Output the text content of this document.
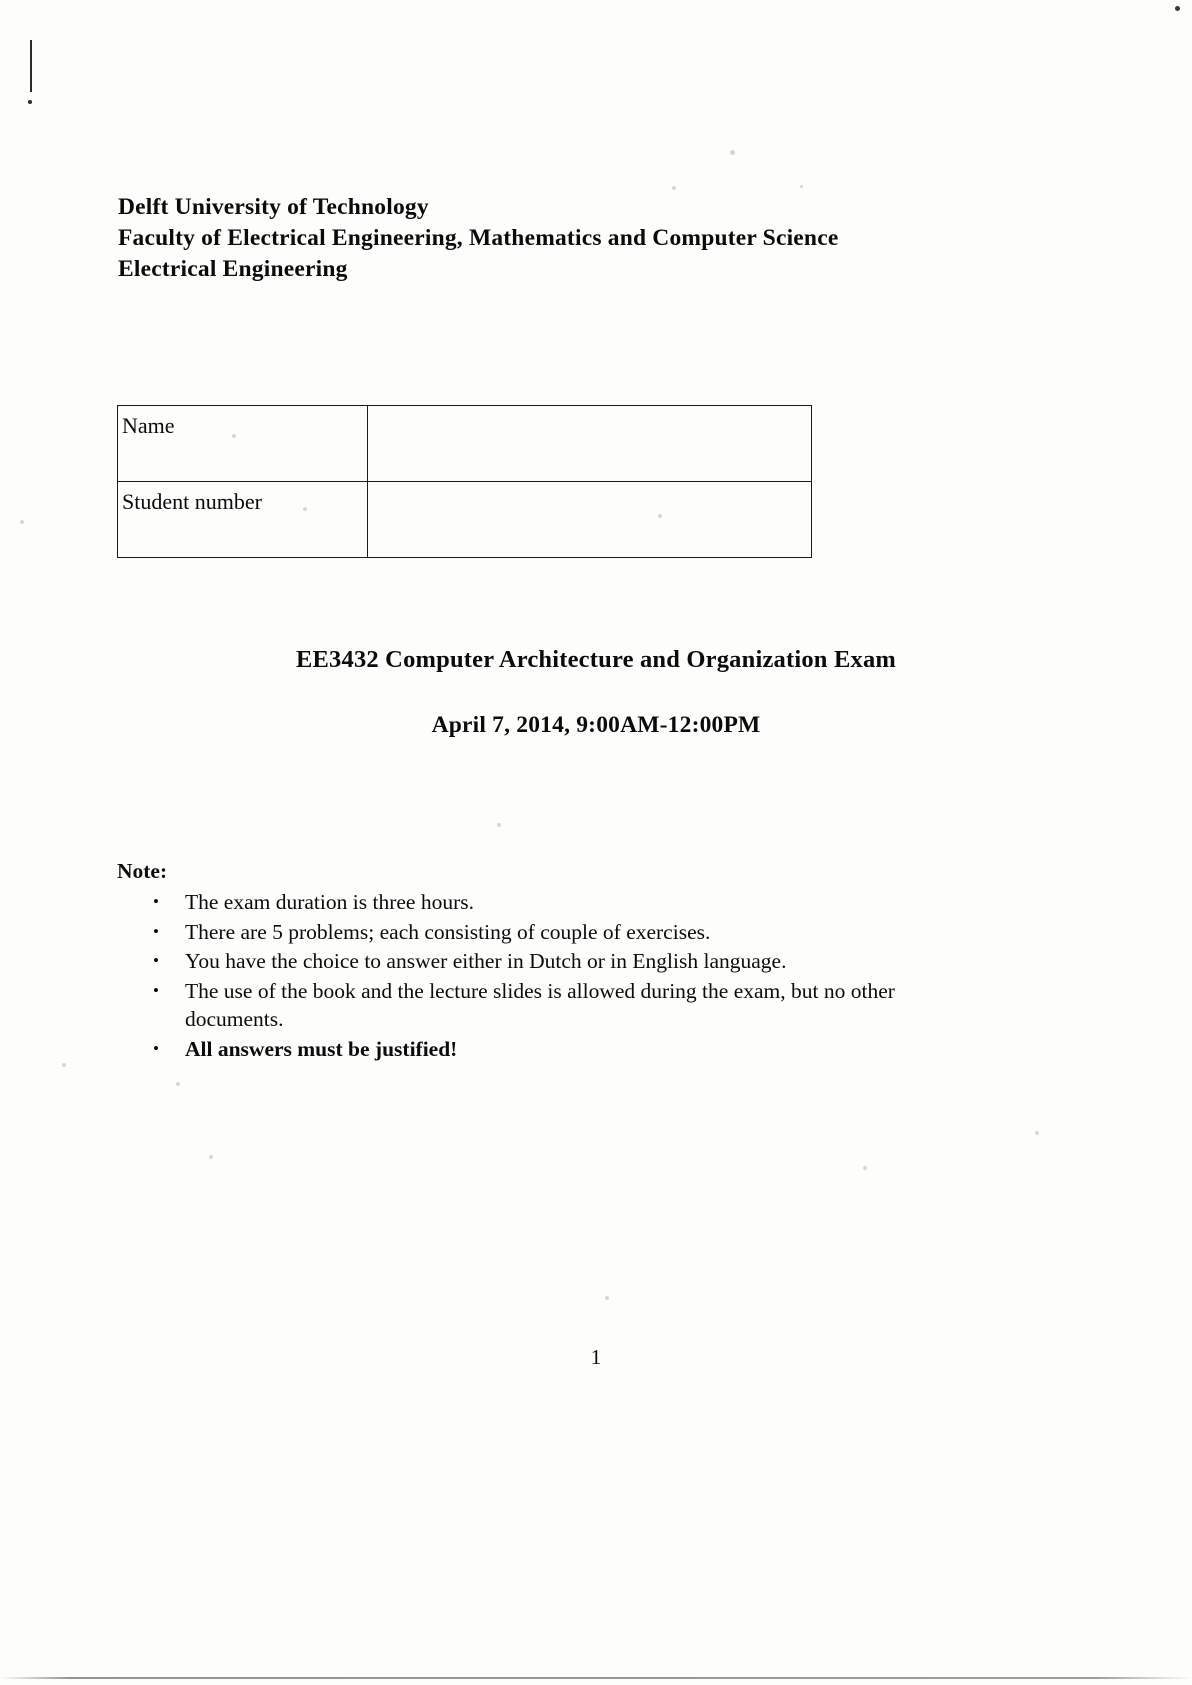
Delft University of Technology
Faculty of Electrical Engineering, Mathematics and Computer Science
Electrical Engineering
Name	
Student number	
EE3432 Computer Architecture and Organization Exam
April 7, 2014, 9:00AM-12:00PM
Note:
• The exam duration is three hours.
• There are 5 problems; each consisting of couple of exercises.
• You have the choice to answer either in Dutch or in English language.
• The use of the book and the lecture slides is allowed during the exam, but no other documents.
• All answers must be justified!
1
